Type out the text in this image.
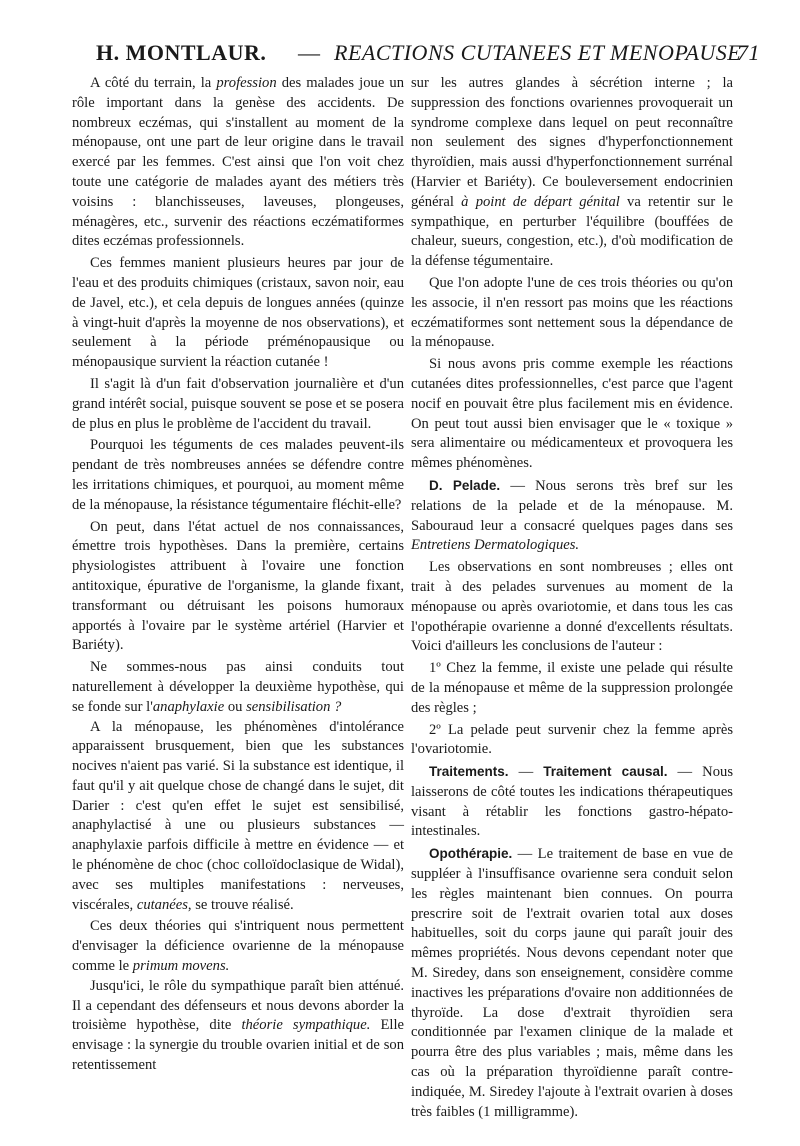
H. MONTLAUR. — REACTIONS CUTANEES ET MENOPAUSE
71

A côté du terrain, la profession des malades joue un rôle important dans la genèse des accidents. De nombreux eczémas, qui s'installent au moment de la ménopause, ont une part de leur origine dans le travail exercé par les femmes. C'est ainsi que l'on voit chez toute une catégorie de malades ayant des métiers très voisins : blanchisseuses, laveuses, plongeuses, ménagères, etc., survenir des réactions eczématiformes dites eczémas professionnels.

Ces femmes manient plusieurs heures par jour de l'eau et des produits chimiques (cristaux, savon noir, eau de Javel, etc.), et cela depuis de longues années (quinze à vingt-huit d'après la moyenne de nos observations), et seulement à la période préménopausique ou ménopausique survient la réaction cutanée !

Il s'agit là d'un fait d'observation journalière et d'un grand intérêt social, puisque souvent se pose et se posera de plus en plus le problème de l'accident du travail.

Pourquoi les téguments de ces malades peuvent-ils pendant de très nombreuses années se défendre contre les irritations chimiques, et pourquoi, au moment même de la ménopause, la résistance tégumentaire fléchit-elle?

On peut, dans l'état actuel de nos connaissances, émettre trois hypothèses. Dans la première, certains physiologistes attribuent à l'ovaire une fonction antitoxique, épurative de l'organisme, la glande fixant, transformant ou détruisant les poisons humoraux apportés à l'ovaire par le système artériel (Harvier et Bariéty).

Ne sommes-nous pas ainsi conduits tout naturellement à développer la deuxième hypothèse, qui se fonde sur l'anaphylaxie ou sensibilisation ?

A la ménopause, les phénomènes d'intolérance apparaissent brusquement, bien que les substances nocives n'aient pas varié. Si la substance est identique, il faut qu'il y ait quelque chose de changé dans le sujet, dit Darier : c'est qu'en effet le sujet est sensibilisé, anaphylactisé à une ou plusieurs substances — anaphylaxie parfois difficile à mettre en évidence — et le phénomène de choc (choc colloïdoclasique de Widal), avec ses multiples manifestations : nerveuses, viscérales, cutanées, se trouve réalisé.

Ces deux théories qui s'intriquent nous permettent d'envisager la déficience ovarienne de la ménopause comme le primum movens.

Jusqu'ici, le rôle du sympathique paraît bien atténué. Il a cependant des défenseurs et nous devons aborder la troisième hypothèse, dite théorie sympathique. Elle envisage : la synergie du trouble ovarien initial et de son retentissement

sur les autres glandes à sécrétion interne ; la suppression des fonctions ovariennes provoquerait un syndrome complexe dans lequel on peut reconnaître non seulement des signes d'hyperfonctionnement thyroïdien, mais aussi d'hyperfonctionnement surrénal (Harvier et Bariéty). Ce bouleversement endocrinien général à point de départ génital va retentir sur le sympathique, en perturber l'équilibre (bouffées de chaleur, sueurs, congestion, etc.), d'où modification de la défense tégumentaire.

Que l'on adopte l'une de ces trois théories ou qu'on les associe, il n'en ressort pas moins que les réactions eczématiformes sont nettement sous la dépendance de la ménopause.

Si nous avons pris comme exemple les réactions cutanées dites professionnelles, c'est parce que l'agent nocif en pouvait être plus facilement mis en évidence. On peut tout aussi bien envisager que le « toxique » sera alimentaire ou médicamenteux et provoquera les mêmes phénomènes.

D. Pelade. — Nous serons très bref sur les relations de la pelade et de la ménopause. M. Sabouraud leur a consacré quelques pages dans ses Entretiens Dermatologiques.

Les observations en sont nombreuses ; elles ont trait à des pelades survenues au moment de la ménopause ou après ovariotomie, et dans tous les cas l'opothérapie ovarienne a donné d'excellents résultats. Voici d'ailleurs les conclusions de l'auteur :

1º Chez la femme, il existe une pelade qui résulte de la ménopause et même de la suppression prolongée des règles ;

2º La pelade peut survenir chez la femme après l'ovariotomie.

Traitements. — Traitement causal. — Nous laisserons de côté toutes les indications thérapeutiques visant à rétablir les fonctions gastro-hépato-intestinales.

Opothérapie. — Le traitement de base en vue de suppléer à l'insuffisance ovarienne sera conduit selon les règles maintenant bien connues. On pourra prescrire soit de l'extrait ovarien total aux doses habituelles, soit du corps jaune qui paraît jouir des mêmes propriétés. Nous devons cependant noter que M. Siredey, dans son enseignement, considère comme inactives les préparations d'ovaire non additionnées de thyroïde. La dose d'extrait thyroïdien sera conditionnée par l'examen clinique de la malade et pourra être des plus variables ; mais, même dans les cas où la préparation thyroïdienne paraît contre-indiquée, M. Siredey l'ajoute à l'extrait ovarien à doses très faibles (1 milligramme).
